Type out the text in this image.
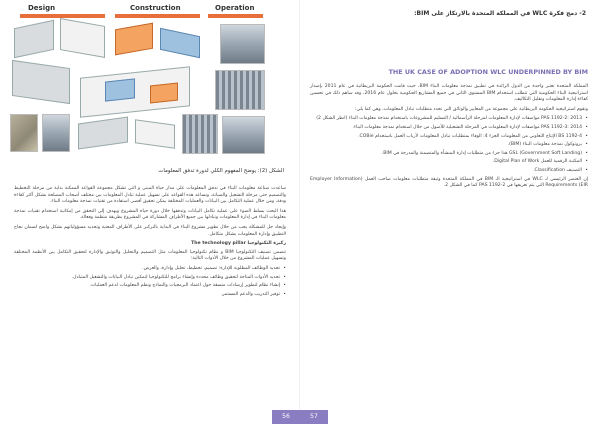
Design	Construction	Operation
الشكل (2): يوضح المفهوم الكلي لدورة تدفق المعلومات

ساعدت صناعة معلومات البناء في تدفق المعلومات على مدار حياة المبنى و التي تشكل مجموعة القواعد الممكنة بداية من مرحلة التخطيط والتصميم حتى مرحلة التشغيل والصيانة، وتساعد هذه القواعد على تسهيل عملية تبادل المعلومات بين مختلف أصحاب المصلحة بشكل أكثر كفاءة ودقة، ومن خلال عملية التكامل بين البيانات والعمليات المختلفة يمكن تحقيق أقصى استفادة من تقنيات نمذجة معلومات البناء.

هذا البحث يسلط الضوء على عملية تكامل البيانات وتدفقها خلال دورة حياة المشروع ويهدف إلى التحقق من إمكانية استخدام تقنيات نمذجة معلومات البناء في إدارة المعلومات وتبادلها بين جميع الأطراف المشاركة في المشروع بطريقة منظمة وفعالة.

وإيجاد حل للمشكلة يجب من خلال تطوير مشروع البناء في البداية بالتركيز على الأطراف المعنية وتحديد مسؤولياتهم بشكل واضح لضمان نجاح التطبيق وإدارة المعلومات بشكل متكامل.

ركيزة التكنولوجيا The technology pillar

تتضمن تصنيف التكنولوجيا BIM و نظام تكنولوجيا المعلومات مثل التصميم والتحليل والتوثيق والإدارة لتحقيق التكامل بين الأنظمة المختلفة وتسهيل عمليات المشروع من خلال الأدوات التالية:

• تحديد الوظائف المطلوبة للإدارة: تصميم، تخطيط، تحليل وإدارة، والعرض.
• تحديد الأدوات المتاحة لتحقيق وظائف محددة وإنشاء برامج للتكنولوجيا لتمكين تبادل البيانات والتشغيل المتبادل.
• إنشاء نظام لتطوير إرشادات متسقة حول اعتماد البرمجيات والنماذج ونظم المعلومات لدعم العمليات.
• توفير التدريب والدعم المستمر.
2- دمج فكرة WLC في المملكة المتحدة بالارتكاز على BIM:
THE UK CASE OF ADOPTION WLC UNDERPINNED BY BIM

المملكة المتحدة تعتبر واحدة من الدول الرائدة في تطبيق نمذجة معلومات البناء BIM، حيث قامت الحكومة البريطانية في عام 2011 بإصدار استراتيجية البناء الحكومية التي تتطلب استخدام BIM المستوى الثاني في جميع المشاريع الحكومية بحلول عام 2016، وقد ساهم ذلك في تحسين كفاءة إدارة المعلومات وتقليل التكاليف.

وتقوم استراتيجية الحكومة البريطانية على مجموعة من المعايير والوثائق التي تحدد متطلبات تبادل المعلومات، وهي كما يلي:

• PAS 1192-2: 2013 مواصفات لإدارة المعلومات لمرحلة الرأسمالية / التسليم للمشروعات باستخدام نمذجة معلومات البناء (انظر الشكل 2)
• PAS 1192-3: 2014 مواصفات لإدارة المعلومات في المرحلة التشغيلية للأصول من خلال استخدام نمذجة معلومات البناء.
• BS 1192-4 الإنتاج التعاوني من المعلومات الجزء 4: الوفاء بمتطلبات تبادل المعلومات لأرباب العمل باستخدام COBie.
• بروتوكول نمذجة معلومات البناء (BIM).
• GSL (Government Soft Landing) هذا جزء من متطلبات إدارة المنشأة والمتضمنة والمدرجة في BIM.
• المكتبة الرقمية للعمل Digital Plan of Work.
• التصنيف Classification.

إن العنصر الرئيسي لـ WLC في استراتيجية الـ BIM في المملكة المتحدة وثيقة متطلبات معلومات صاحب العمل (Employer Information Requirements (EIR التي يتم تعريفها في PAS 1192-2 كما في الشكل 2.

56	57
